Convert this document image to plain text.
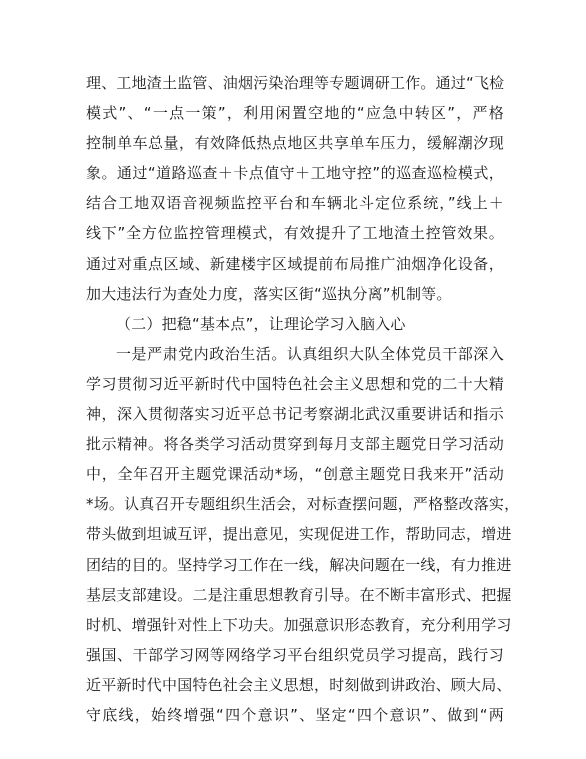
理、工地渣土监管、油烟污染治理等专题调研工作。通过“飞检
模式”、“一点一策”，利用闲置空地的“应急中转区”，严格
控制单车总量，有效降低热点地区共享单车压力，缓解潮汐现
象。通过“道路巡查＋卡点值守＋工地守控”的巡查巡检模式，
结合工地双语音视频监控平台和车辆北斗定位系统，”线上＋
线下”全方位监控管理模式，有效提升了工地渣土控管效果。
通过对重点区域、新建楼宇区域提前布局推广油烟净化设备，
加大违法行为查处力度，落实区街“巡执分离”机制等。
（二）把稳“基本点”，让理论学习入脑入心
一是严肃党内政治生活。认真组织大队全体党员干部深入
学习贯彻习近平新时代中国特色社会主义思想和党的二十大精
神，深入贯彻落实习近平总书记考察湖北武汉重要讲话和指示
批示精神。将各类学习活动贯穿到每月支部主题党日学习活动
中，全年召开主题党课活动*场，“创意主题党日我来开”活动
*场。认真召开专题组织生活会，对标查摆问题，严格整改落实，
带头做到坦诚互评，提出意见，实现促进工作，帮助同志，增进
团结的目的。坚持学习工作在一线，解决问题在一线，有力推进
基层支部建设。二是注重思想教育引导。在不断丰富形式、把握
时机、增强针对性上下功夫。加强意识形态教育，充分利用学习
强国、干部学习网等网络学习平台组织党员学习提高，践行习
近平新时代中国特色社会主义思想，时刻做到讲政治、顾大局、
守底线，始终增强“四个意识”、坚定“四个意识”、做到“两
